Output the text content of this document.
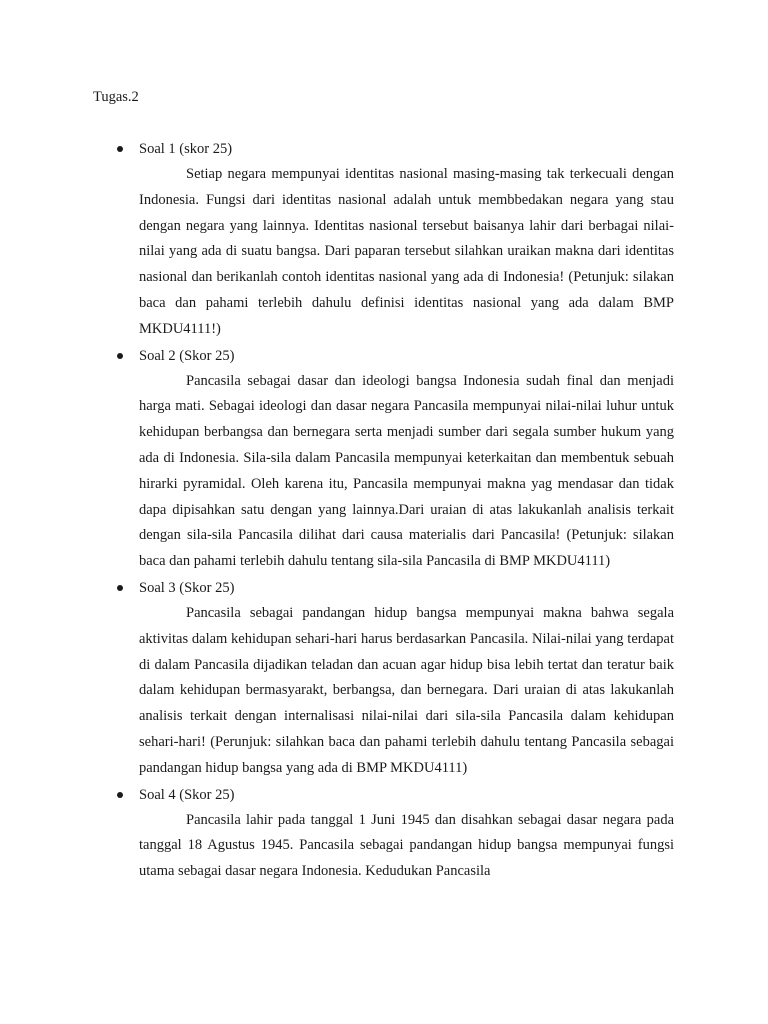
Tugas.2

Soal 1 (skor 25)

Setiap negara mempunyai identitas nasional masing-masing tak terkecuali dengan Indonesia. Fungsi dari identitas nasional adalah untuk membbedakan negara yang stau dengan negara yang lainnya. Identitas nasional tersebut baisanya lahir dari berbagai nilai-nilai yang ada di suatu bangsa. Dari paparan tersebut silahkan uraikan makna dari identitas nasional dan berikanlah contoh identitas nasional yang ada di Indonesia! (Petunjuk: silakan baca dan pahami terlebih dahulu definisi identitas nasional yang ada dalam BMP MKDU4111!)

Soal 2 (Skor 25)

Pancasila sebagai dasar dan ideologi bangsa Indonesia sudah final dan menjadi harga mati. Sebagai ideologi dan dasar negara Pancasila mempunyai nilai-nilai luhur untuk kehidupan berbangsa dan bernegara serta menjadi sumber dari segala sumber hukum yang ada di Indonesia. Sila-sila dalam Pancasila mempunyai keterkaitan dan membentuk sebuah hirarki pyramidal. Oleh karena itu, Pancasila mempunyai makna yag mendasar dan tidak dapa dipisahkan satu dengan yang lainnya.Dari uraian di atas lakukanlah analisis terkait dengan sila-sila Pancasila dilihat dari causa materialis dari Pancasila! (Petunjuk: silakan baca dan pahami terlebih dahulu tentang sila-sila Pancasila di BMP MKDU4111)

Soal 3 (Skor 25)

Pancasila sebagai pandangan hidup bangsa mempunyai makna bahwa segala aktivitas dalam kehidupan sehari-hari harus berdasarkan Pancasila. Nilai-nilai yang terdapat di dalam Pancasila dijadikan teladan dan acuan agar hidup bisa lebih tertat dan teratur baik dalam kehidupan bermasyarakt, berbangsa, dan bernegara. Dari uraian di atas lakukanlah analisis terkait dengan internalisasi nilai-nilai dari sila-sila Pancasila dalam kehidupan sehari-hari! (Perunjuk: silahkan baca dan pahami terlebih dahulu tentang Pancasila sebagai pandangan hidup bangsa yang ada di BMP MKDU4111)

Soal 4 (Skor 25)

Pancasila lahir pada tanggal 1 Juni 1945 dan disahkan sebagai dasar negara pada tanggal 18 Agustus 1945. Pancasila sebagai pandangan hidup bangsa mempunyai fungsi utama sebagai dasar negara Indonesia. Kedudukan Pancasila
